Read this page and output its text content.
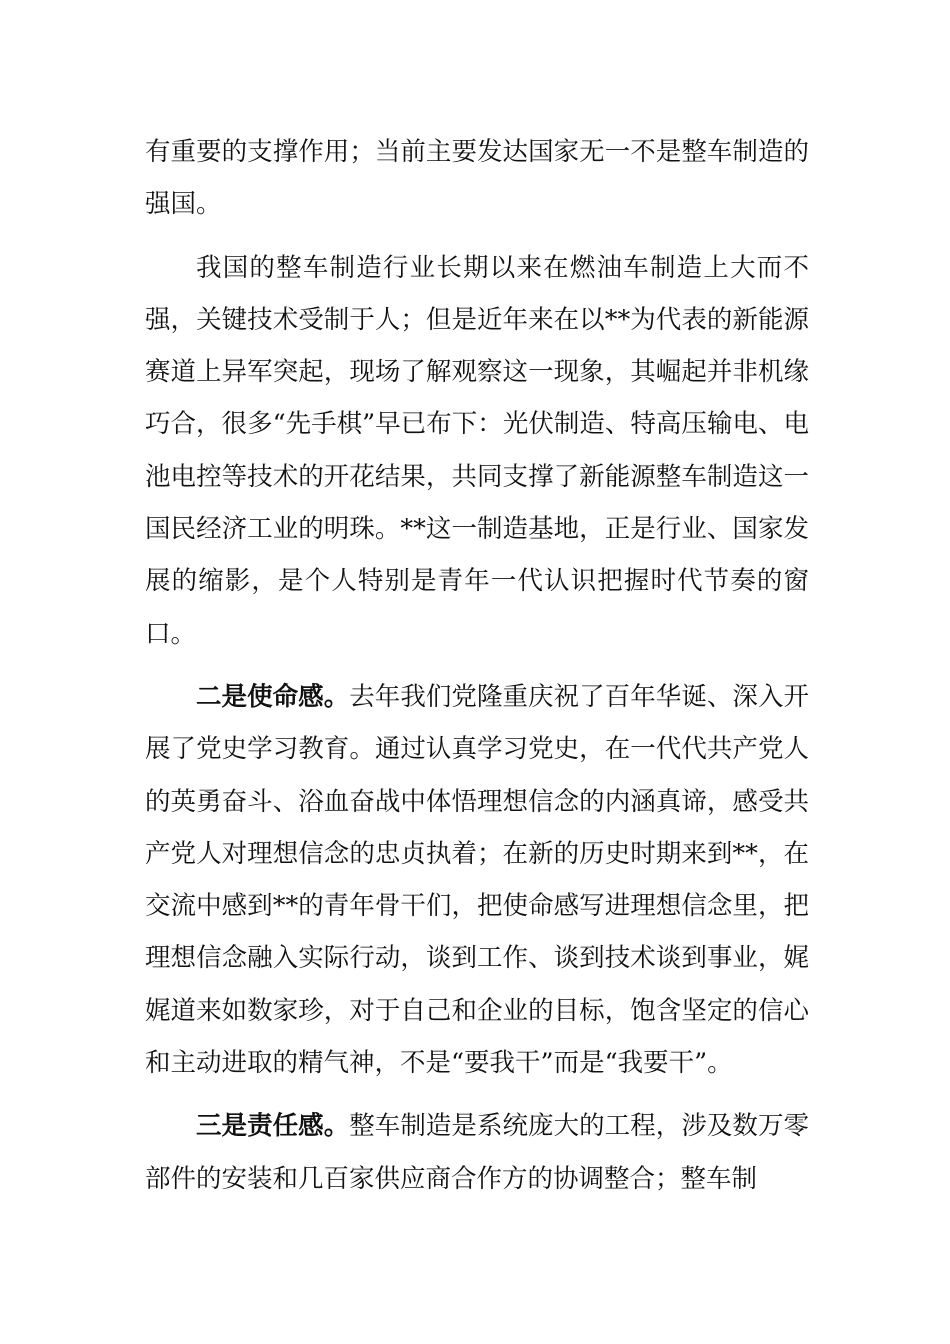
有重要的支撑作用；当前主要发达国家无一不是整车制造的强国。

我国的整车制造行业长期以来在燃油车制造上大而不强，关键技术受制于人；但是近年来在以**为代表的新能源赛道上异军突起，现场了解观察这一现象，其崛起并非机缘巧合，很多“先手棋”早已布下：光伏制造、特高压输电、电池电控等技术的开花结果，共同支撑了新能源整车制造这一国民经济工业的明珠。**这一制造基地，正是行业、国家发展的缩影，是个人特别是青年一代认识把握时代节奏的窗口。

二是使命感。去年我们党隆重庆祝了百年华诞、深入开展了党史学习教育。通过认真学习党史，在一代代共产党人的英勇奋斗、浴血奋战中体悟理想信念的内涵真谛，感受共产党人对理想信念的忠贞执着；在新的历史时期来到**，在交流中感到**的青年骨干们，把使命感写进理想信念里，把理想信念融入实际行动，谈到工作、谈到技术谈到事业，娓娓道来如数家珍，对于自己和企业的目标，饱含坚定的信心和主动进取的精气神，不是“要我干”而是“我要干”。

三是责任感。整车制造是系统庞大的工程，涉及数万零部件的安装和几百家供应商合作方的协调整合；整车制
